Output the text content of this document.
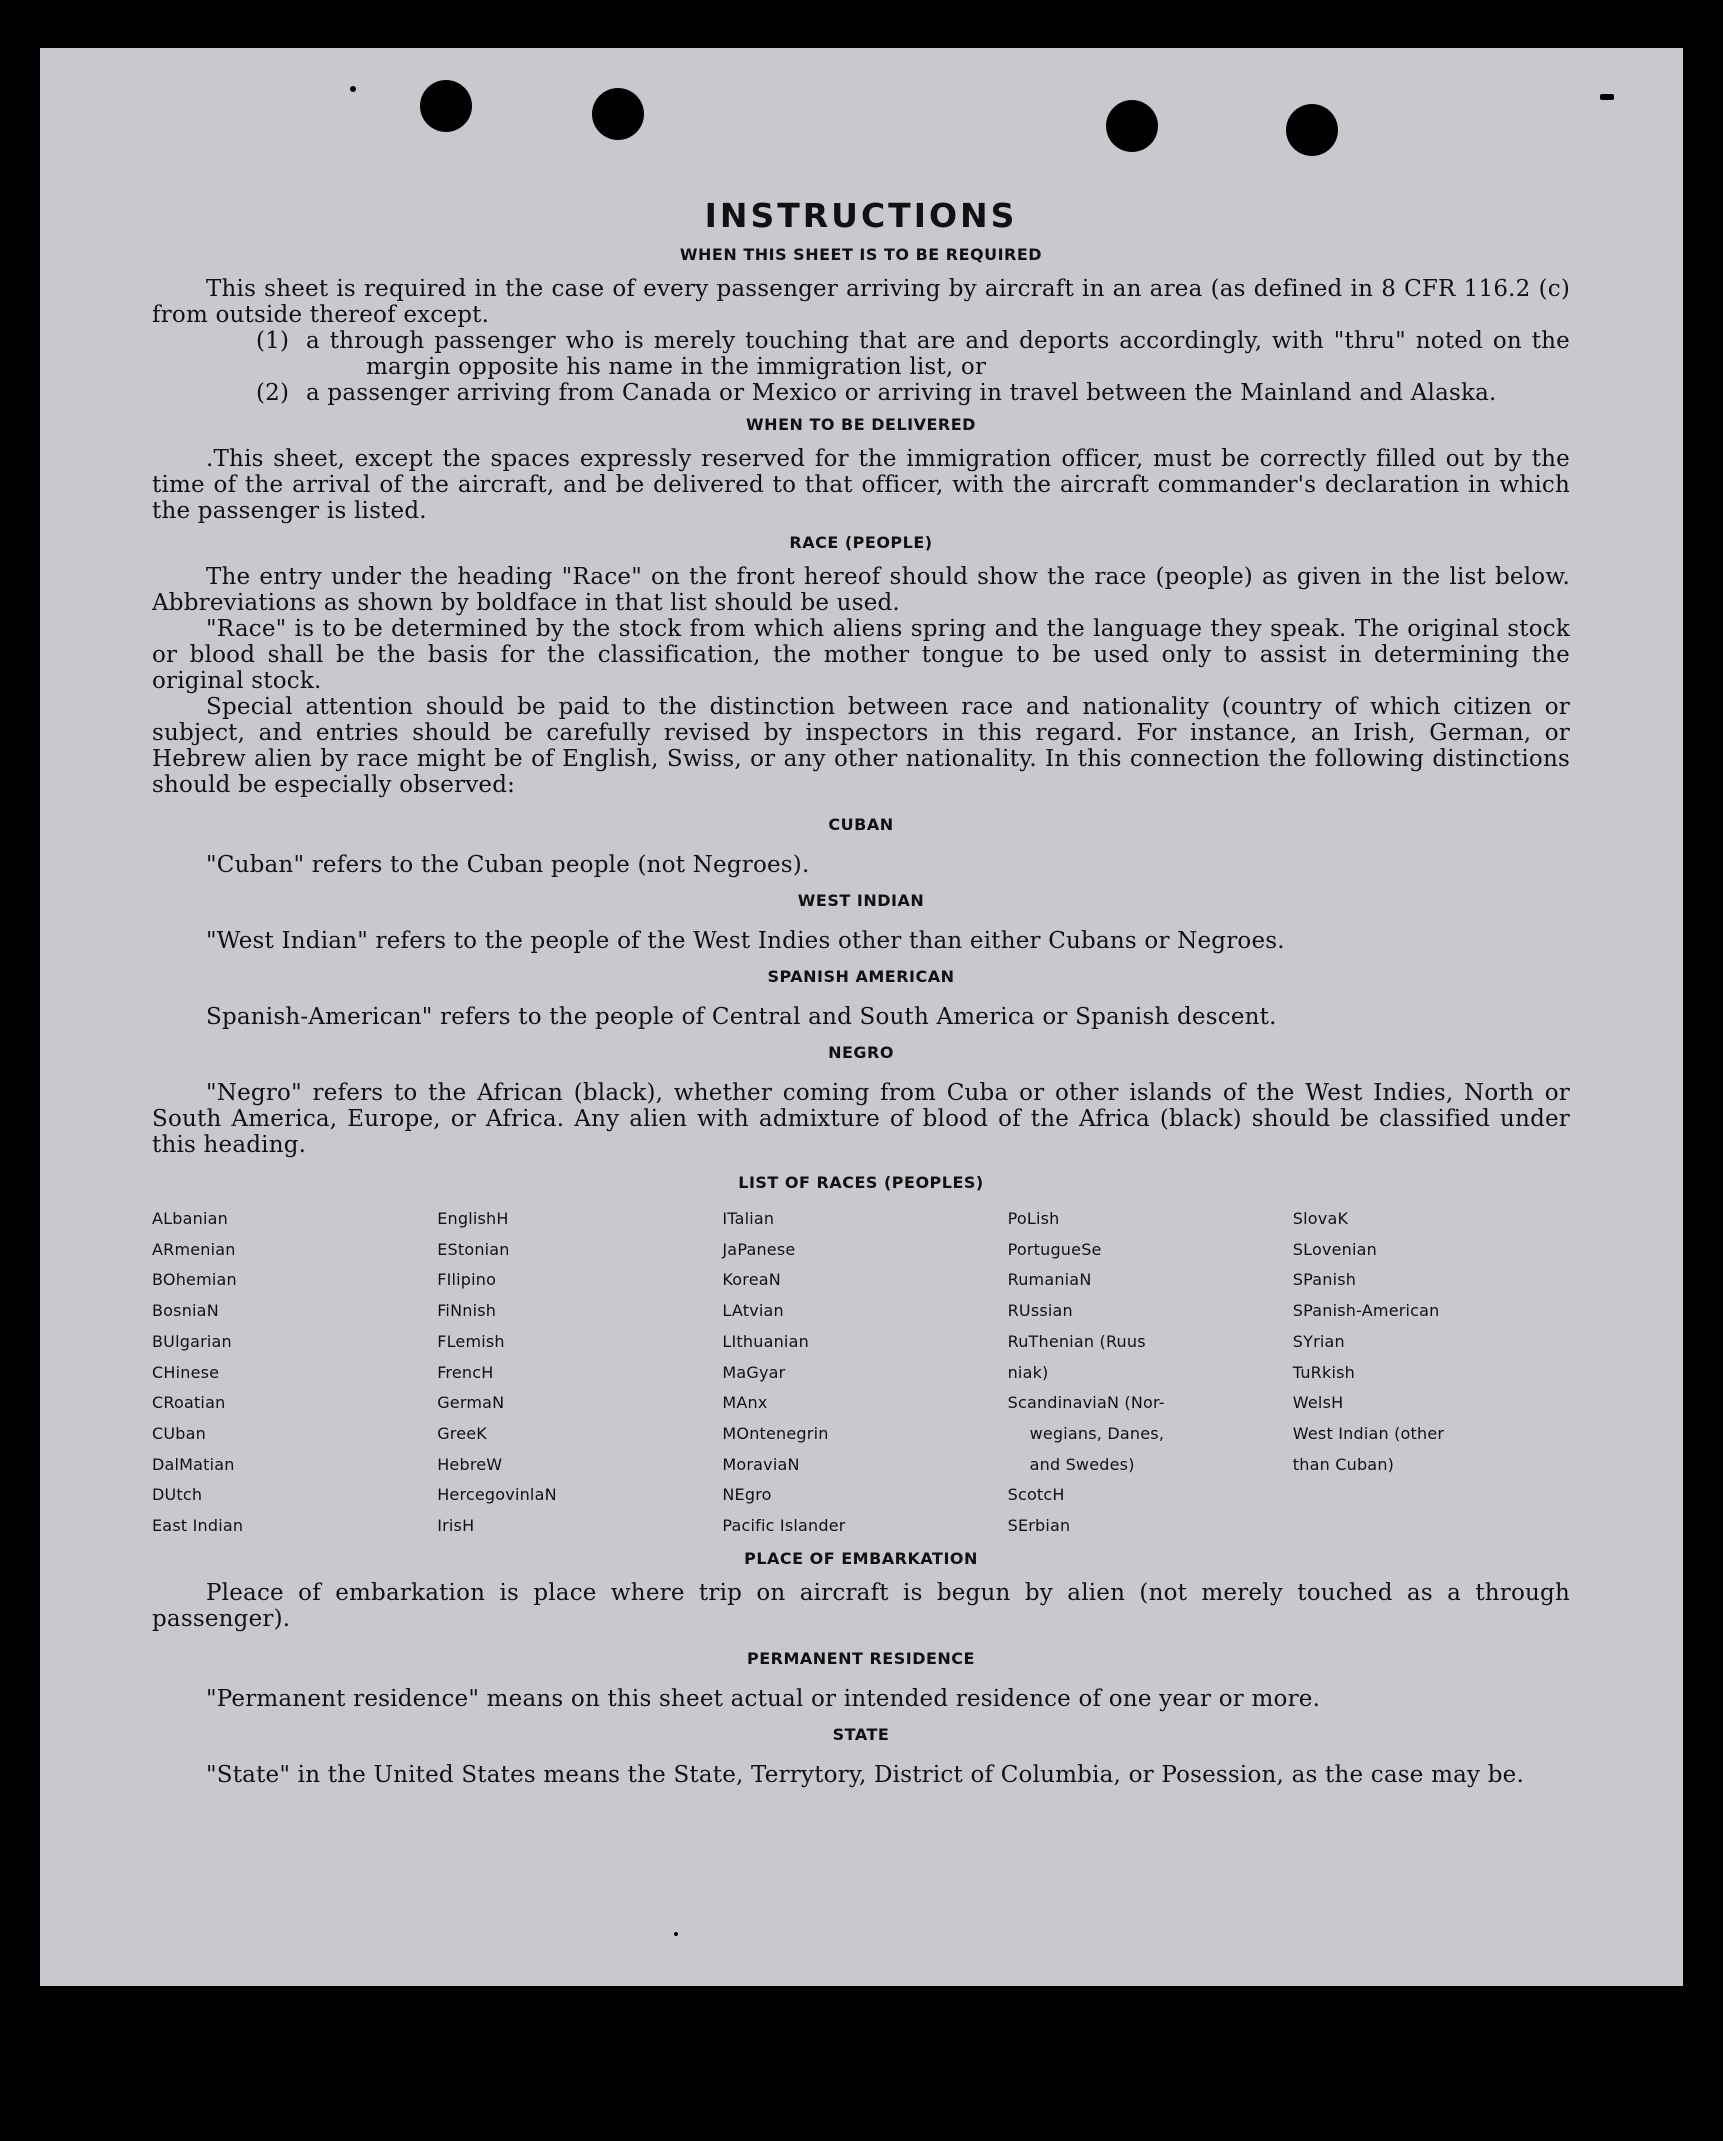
INSTRUCTIONS
WHEN THIS SHEET IS TO BE REQUIRED

This sheet is required in the case of every passenger arriving by aircraft in an area (as defined in 8 CFR 116.2 (c) from outside thereof except.

(1) a through passenger who is merely touching that are and deports accordingly, with "thru" noted on the margin opposite his name in the immigration list, or

(2) a passenger arriving from Canada or Mexico or arriving in travel between the Mainland and Alaska.

WHEN TO BE DELIVERED

.This sheet, except the spaces expressly reserved for the immigration officer, must be correctly filled out by the time of the arrival of the aircraft, and be delivered to that officer, with the aircraft commander's declaration in which the passenger is listed.

RACE (PEOPLE)

The entry under the heading "Race" on the front hereof should show the race (people) as given in the list below. Abbreviations as shown by boldface in that list should be used.

"Race" is to be determined by the stock from which aliens spring and the language they speak. The original stock or blood shall be the basis for the classification, the mother tongue to be used only to assist in determining the original stock.

Special attention should be paid to the distinction between race and nationality (country of which citizen or subject, and entries should be carefully revised by inspectors in this regard. For instance, an Irish, German, or Hebrew alien by race might be of English, Swiss, or any other nationality. In this connection the following distinctions should be especially observed:

CUBAN

"Cuban" refers to the Cuban people (not Negroes).

WEST INDIAN

"West Indian" refers to the people of the West Indies other than either Cubans or Negroes.

SPANISH AMERICAN

Spanish-American" refers to the people of Central and South America or Spanish descent.

NEGRO

"Negro" refers to the African (black), whether coming from Cuba or other islands of the West Indies, North or South America, Europe, or Africa. Any alien with admixture of blood of the Africa (black) should be classified under this heading.

LIST OF RACES (PEOPLES)
ALbanian
ARmenian
BOhemian
BosniaN
BUlgarian
CHinese
CRoatian
CUban
DalMatian
DUtch
East Indian
EnglishH
EStonian
FIlipino
FiNnish
FLemish
FrencH
GermaN
GreeK
HebreW
HercegovinlaN
IrisH
ITalian
JaPanese
KoreaN
LAtvian
LIthuanian
MaGyar
MAnx
MOntenegrin
MoraviaN
NEgro
Pacific Islander
PoLish
PortugueSe
RumaniaN
RUssian
RuThenian (Ruus
niak)
ScandinaviaN (Nor-
wegians, Danes,
and Swedes)
ScotcH
SErbian
SlovaK
SLovenian
SPanish
SPanish-American
SYrian
TuRkish
WelsH
West Indian (other
than Cuban)
PLACE OF EMBARKATION

Pleace of embarkation is place where trip on aircraft is begun by alien (not merely touched as a through passenger).

PERMANENT RESIDENCE

"Permanent residence" means on this sheet actual or intended residence of one year or more.

STATE

"State" in the United States means the State, Terrytory, District of Columbia, or Posession, as the case may be.
